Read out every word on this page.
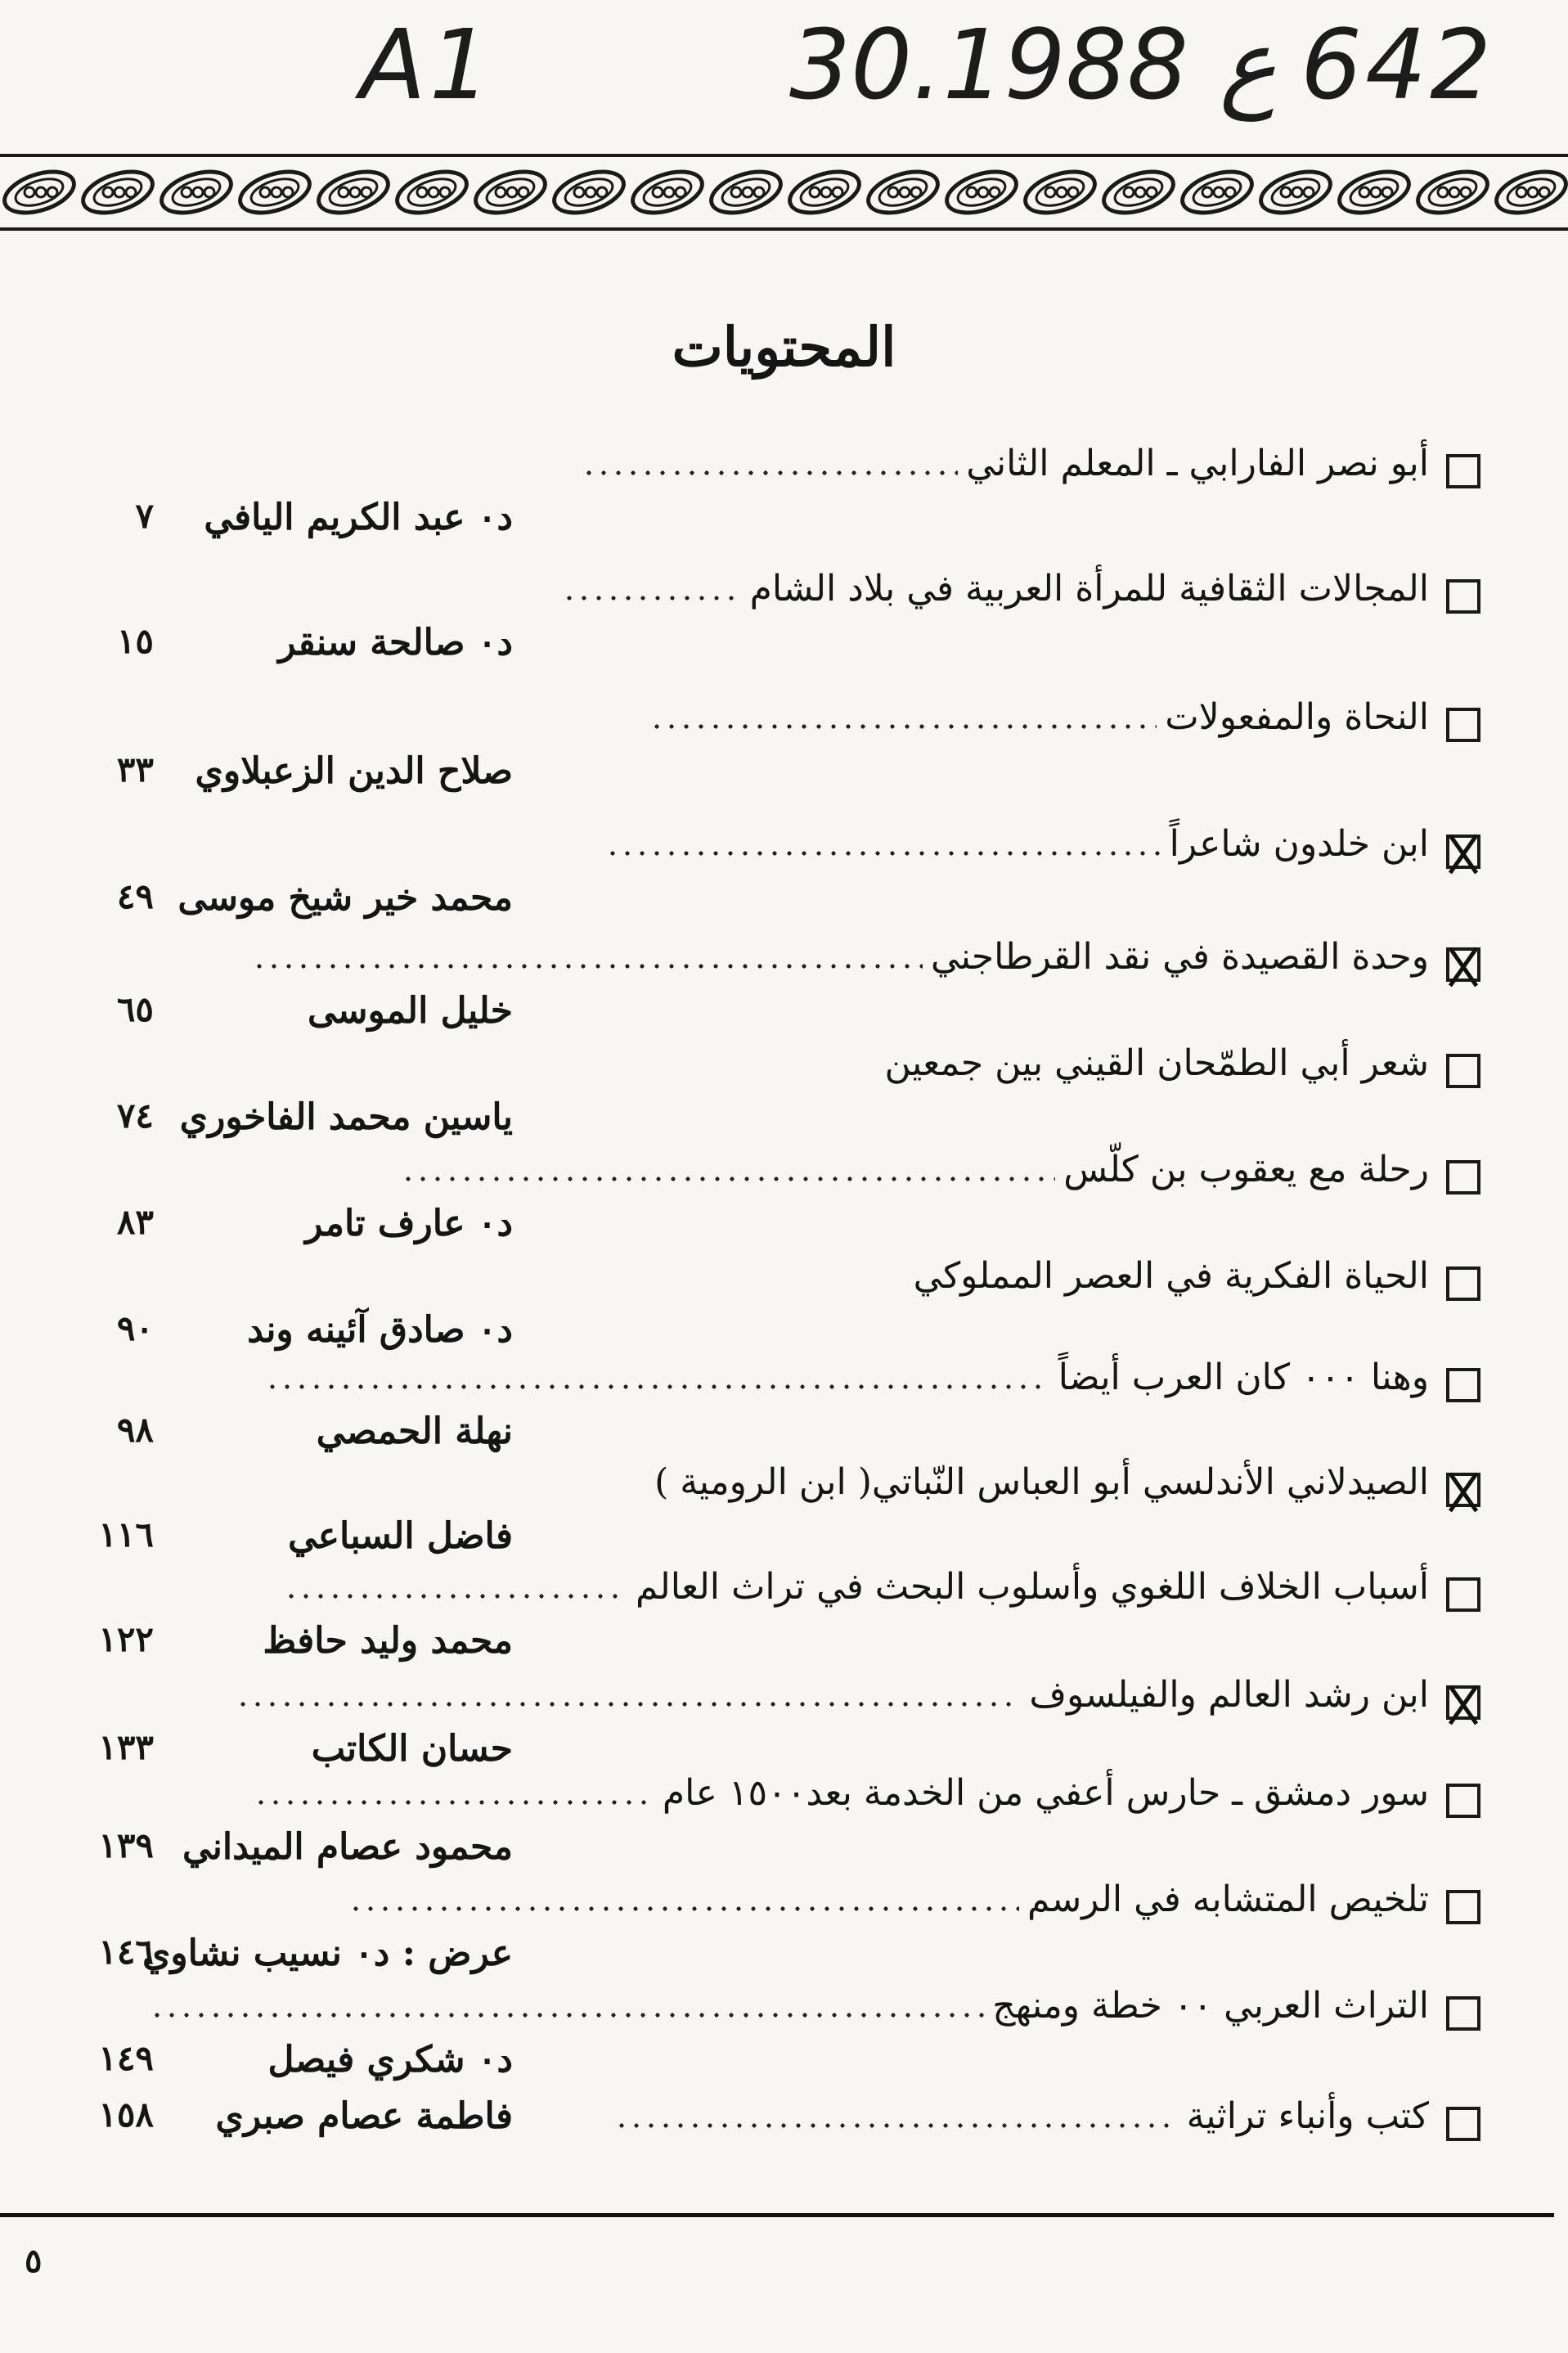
A1	30.ع 1988 642
المحتويات
أبو نصر الفارابي ـ المعلم الثاني
د٠ عبد الكريم اليافي
٧
المجالات الثقافية للمرأة العربية في بلاد الشام
د٠ صالحة سنقر
١٥
النحاة والمفعولات
صلاح الدين الزعبلاوي
٣٣
ابن خلدون شاعراً
محمد خير شيخ موسى
٤٩
وحدة القصيدة في نقد القرطاجني
خليل الموسى
٦٥
شعر أبي الطمّحان القيني بين جمعين
ياسين محمد الفاخوري
٧٤
رحلة مع يعقوب بن كلّس
د٠ عارف تامر
٨٣
الحياة الفكرية في العصر المملوكي
د٠ صادق آئينه وند
٩٠
وهنا ٠٠٠ كان العرب أيضاً
نهلة الحمصي
٩٨
الصيدلاني الأندلسي أبو العباس النّباتي( ابن الرومية )
فاضل السباعي
١١٦
أسباب الخلاف اللغوي وأسلوب البحث في تراث العالم
محمد وليد حافظ
١٢٢
ابن رشد العالم والفيلسوف
حسان الكاتب
١٣٣
سور دمشق ـ حارس أعفي من الخدمة بعد١٥٠٠ عام
محمود عصام الميداني
١٣٩
تلخيص المتشابه في الرسم
عرض : د٠ نسيب نشاوي
١٤٦
التراث العربي ٠٠ خطة ومنهج
د٠ شكري فيصل
١٤٩
كتب وأنباء تراثية
فاطمة عصام صبري
١٥٨
٥
